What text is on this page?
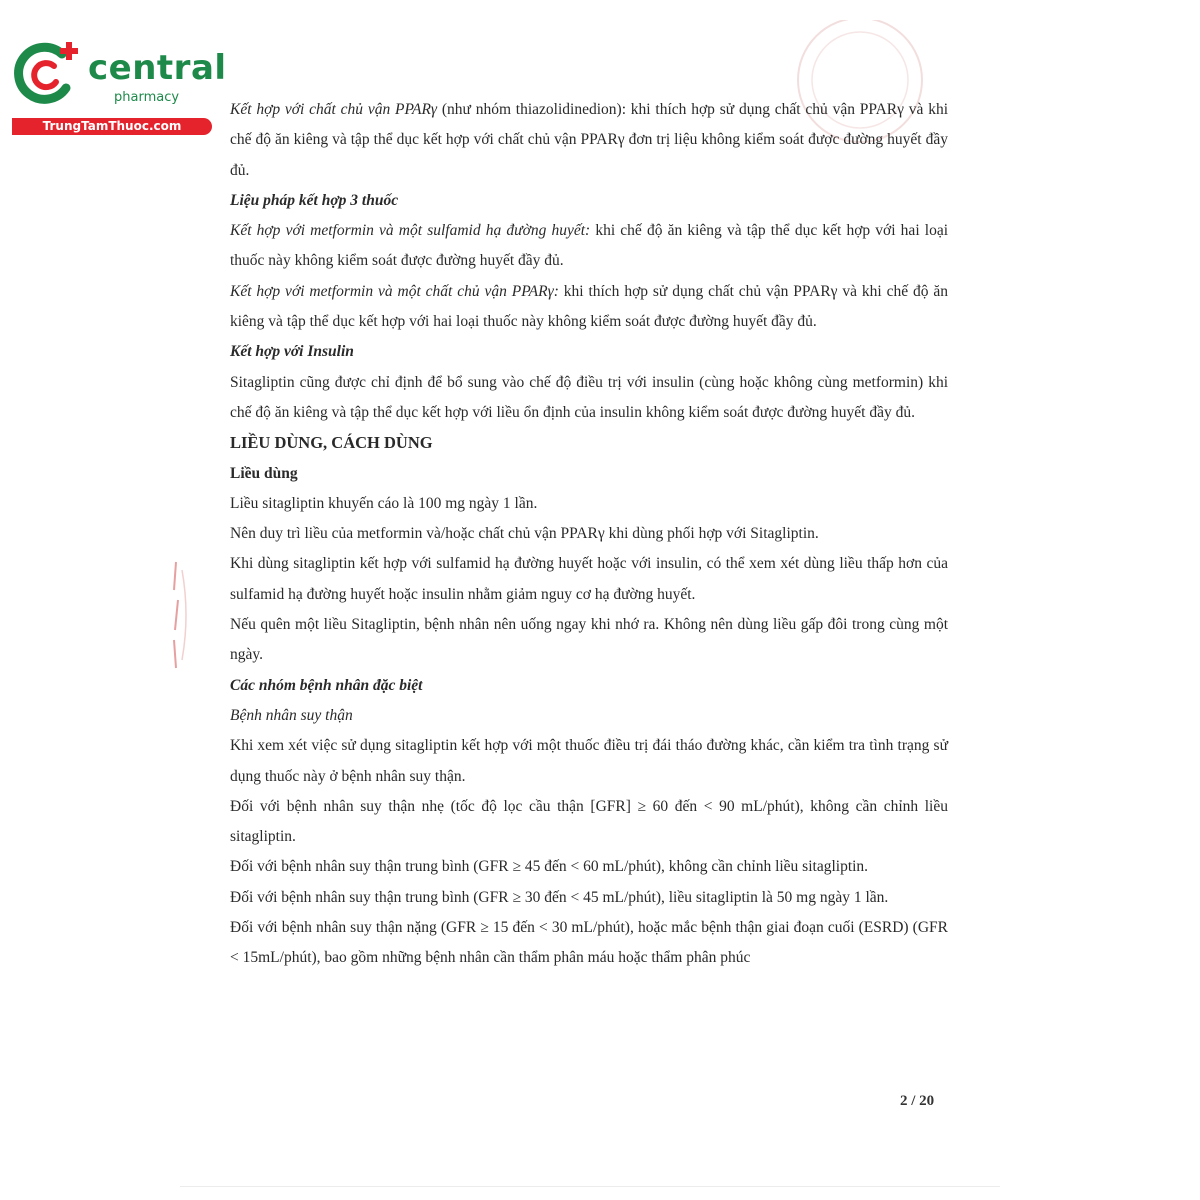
central
pharmacy
TrungTamThuoc.com

Kết hợp với chất chủ vận PPARγ (như nhóm thiazolidinedion): khi thích hợp sử dụng chất chủ vận PPARγ và khi chế độ ăn kiêng và tập thể dục kết hợp với chất chủ vận PPARγ đơn trị liệu không kiểm soát được đường huyết đầy đủ.

Liệu pháp kết hợp 3 thuốc

Kết hợp với metformin và một sulfamid hạ đường huyết: khi chế độ ăn kiêng và tập thể dục kết hợp với hai loại thuốc này không kiểm soát được đường huyết đầy đủ.

Kết hợp với metformin và một chất chủ vận PPARγ: khi thích hợp sử dụng chất chủ vận PPARγ và khi chế độ ăn kiêng và tập thể dục kết hợp với hai loại thuốc này không kiểm soát được đường huyết đầy đủ.

Kết hợp với Insulin

Sitagliptin cũng được chỉ định để bổ sung vào chế độ điều trị với insulin (cùng hoặc không cùng metformin) khi chế độ ăn kiêng và tập thể dục kết hợp với liều ổn định của insulin không kiểm soát được đường huyết đầy đủ.

LIỀU DÙNG, CÁCH DÙNG

Liều dùng

Liều sitagliptin khuyến cáo là 100 mg ngày 1 lần.

Nên duy trì liều của metformin và/hoặc chất chủ vận PPARγ khi dùng phối hợp với Sitagliptin.

Khi dùng sitagliptin kết hợp với sulfamid hạ đường huyết hoặc với insulin, có thể xem xét dùng liều thấp hơn của sulfamid hạ đường huyết hoặc insulin nhằm giảm nguy cơ hạ đường huyết.

Nếu quên một liều Sitagliptin, bệnh nhân nên uống ngay khi nhớ ra. Không nên dùng liều gấp đôi trong cùng một ngày.

Các nhóm bệnh nhân đặc biệt

Bệnh nhân suy thận

Khi xem xét việc sử dụng sitagliptin kết hợp với một thuốc điều trị đái tháo đường khác, cần kiểm tra tình trạng sử dụng thuốc này ở bệnh nhân suy thận.

Đối với bệnh nhân suy thận nhẹ (tốc độ lọc cầu thận [GFR] ≥ 60 đến < 90 mL/phút), không cần chỉnh liều sitagliptin.

Đối với bệnh nhân suy thận trung bình (GFR ≥ 45 đến < 60 mL/phút), không cần chỉnh liều sitagliptin.

Đối với bệnh nhân suy thận trung bình (GFR ≥ 30 đến < 45 mL/phút), liều sitagliptin là 50 mg ngày 1 lần.

Đối với bệnh nhân suy thận nặng (GFR ≥ 15 đến < 30 mL/phút), hoặc mắc bệnh thận giai đoạn cuối (ESRD) (GFR < 15mL/phút), bao gồm những bệnh nhân cần thẩm phân máu hoặc thẩm phân phúc

2 / 20
